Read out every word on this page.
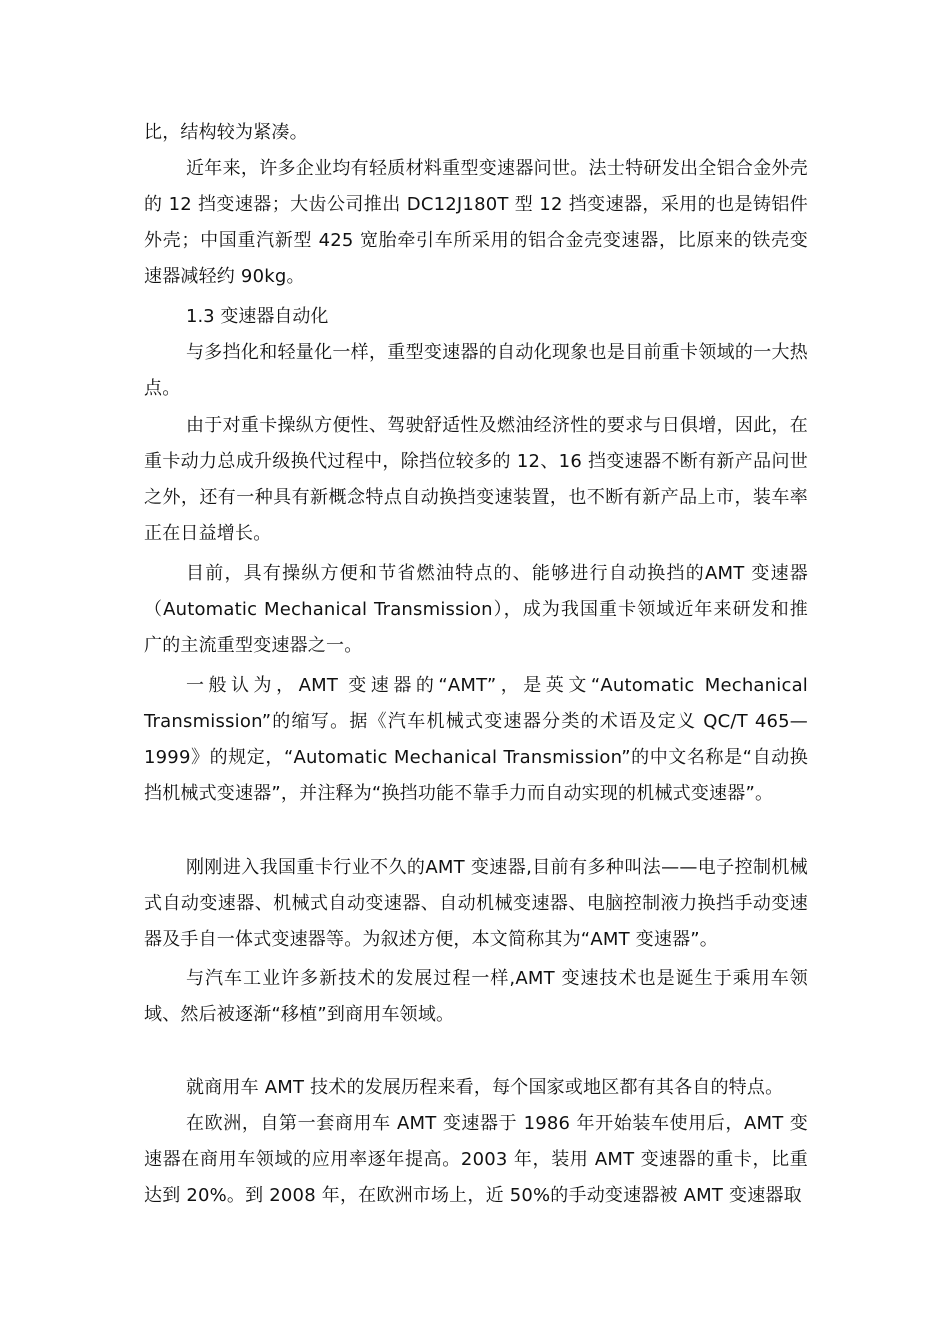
比，结构较为紧凑。

近年来，许多企业均有轻质材料重型变速器问世。法士特研发出全铝合金外壳的 12 挡变速器；大齿公司推出 DC12J180T 型 12 挡变速器，采用的也是铸铝件外壳；中国重汽新型 425 宽胎牵引车所采用的铝合金壳变速器，比原来的铁壳变速器减轻约 90kg。

1.3 变速器自动化

与多挡化和轻量化一样，重型变速器的自动化现象也是目前重卡领域的一大热点。

由于对重卡操纵方便性、驾驶舒适性及燃油经济性的要求与日俱增，因此，在重卡动力总成升级换代过程中，除挡位较多的 12、16 挡变速器不断有新产品问世之外，还有一种具有新概念特点自动换挡变速装置，也不断有新产品上市，装车率正在日益增长。

目前，具有操纵方便和节省燃油特点的、能够进行自动换挡的AMT 变速器（Automatic Mechanical Transmission），成为我国重卡领域近年来研发和推广的主流重型变速器之一。

一般认为，AMT 变速器的“AMT”，是英文“Automatic Mechanical Transmission”的缩写。据《汽车机械式变速器分类的术语及定义 QC/T 465—1999》的规定，“Automatic Mechanical Transmission”的中文名称是“自动换挡机械式变速器”，并注释为“换挡功能不靠手力而自动实现的机械式变速器”。

刚刚进入我国重卡行业不久的AMT 变速器,目前有多种叫法——电子控制机械式自动变速器、机械式自动变速器、自动机械变速器、电脑控制液力换挡手动变速器及手自一体式变速器等。为叙述方便，本文简称其为“AMT 变速器”。

与汽车工业许多新技术的发展过程一样,AMT 变速技术也是诞生于乘用车领域、然后被逐渐“移植”到商用车领域。

就商用车 AMT 技术的发展历程来看，每个国家或地区都有其各自的特点。

在欧洲，自第一套商用车 AMT 变速器于 1986 年开始装车使用后，AMT 变速器在商用车领域的应用率逐年提高。2003 年，装用 AMT 变速器的重卡，比重达到 20%。到 2008 年，在欧洲市场上，近 50%的手动变速器被 AMT 变速器取
